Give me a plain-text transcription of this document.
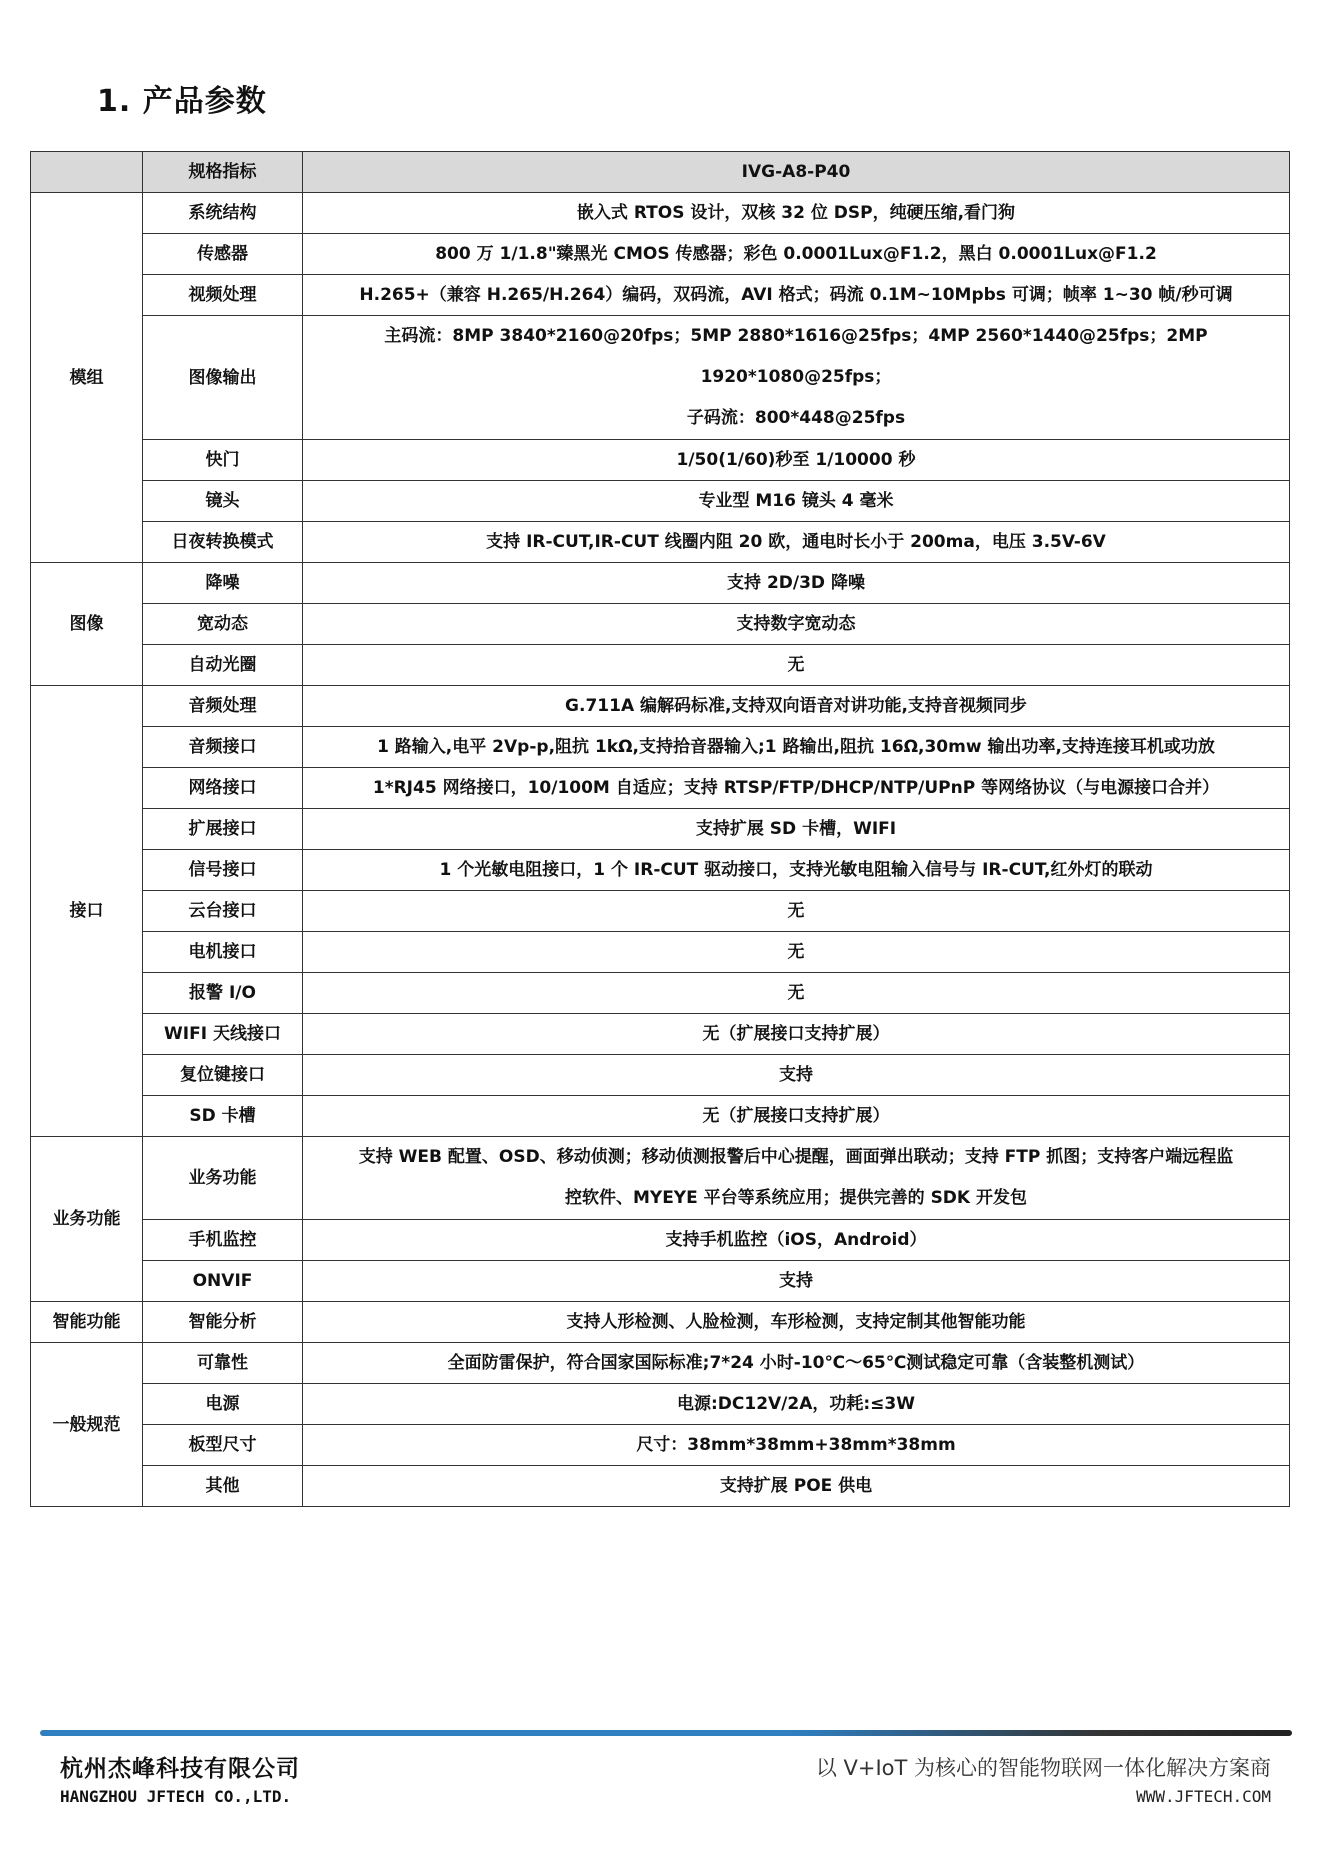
1. 产品参数
	规格指标	IVG-A8-P40
模组	系统结构	嵌入式 RTOS 设计，双核 32 位 DSP，纯硬压缩,看门狗
	传感器	800 万 1/1.8"臻黑光 CMOS 传感器；彩色 0.0001Lux@F1.2，黑白 0.0001Lux@F1.2
	视频处理	H.265+（兼容 H.265/H.264）编码，双码流，AVI 格式；码流 0.1M~10Mpbs 可调；帧率 1~30 帧/秒可调
	图像输出	主码流：8MP 3840*2160@20fps；5MP 2880*1616@25fps；4MP 2560*1440@25fps；2MP 1920*1080@25fps；
子码流：800*448@25fps

	快门	1/50(1/60)秒至 1/10000 秒
	镜头	专业型 M16 镜头 4 毫米
	日夜转换模式	支持 IR-CUT,IR-CUT 线圈内阻 20 欧，通电时长小于 200ma，电压 3.5V-6V
图像	降噪	支持 2D/3D 降噪
	宽动态	支持数字宽动态
	自动光圈	无
接口	音频处理	G.711A 编解码标准,支持双向语音对讲功能,支持音视频同步
	音频接口	1 路输入,电平 2Vp-p,阻抗 1kΩ,支持拾音器输入;1 路输出,阻抗 16Ω,30mw 输出功率,支持连接耳机或功放
	网络接口	1*RJ45 网络接口，10/100M 自适应；支持 RTSP/FTP/DHCP/NTP/UPnP 等网络协议（与电源接口合并）
	扩展接口	支持扩展 SD 卡槽，WIFI
	信号接口	1 个光敏电阻接口，1 个 IR-CUT 驱动接口，支持光敏电阻输入信号与 IR-CUT,红外灯的联动
	云台接口	无
	电机接口	无
	报警 I/O	无
	WIFI 天线接口	无（扩展接口支持扩展）
	复位键接口	支持
	SD 卡槽	无（扩展接口支持扩展）
业务功能	业务功能	支持 WEB 配置、OSD、移动侦测；移动侦测报警后中心提醒，画面弹出联动；支持 FTP 抓图；支持客户端远程监
控软件、MYEYE 平台等系统应用；提供完善的 SDK 开发包

	手机监控	支持手机监控（iOS，Android）
	ONVIF	支持
智能功能	智能分析	支持人形检测、人脸检测，车形检测，支持定制其他智能功能
一般规范	可靠性	全面防雷保护，符合国家国际标准;7*24 小时-10℃～65℃测试稳定可靠（含装整机测试）
	电源	电源:DC12V/2A，功耗:≤3W
	板型尺寸	尺寸：38mm*38mm+38mm*38mm
	其他	支持扩展 POE 供电
杭州杰峰科技有限公司
HANGZHOU JFTECH CO.,LTD.
以 V+IoT 为核心的智能物联网一体化解决方案商
WWW.JFTECH.COM
